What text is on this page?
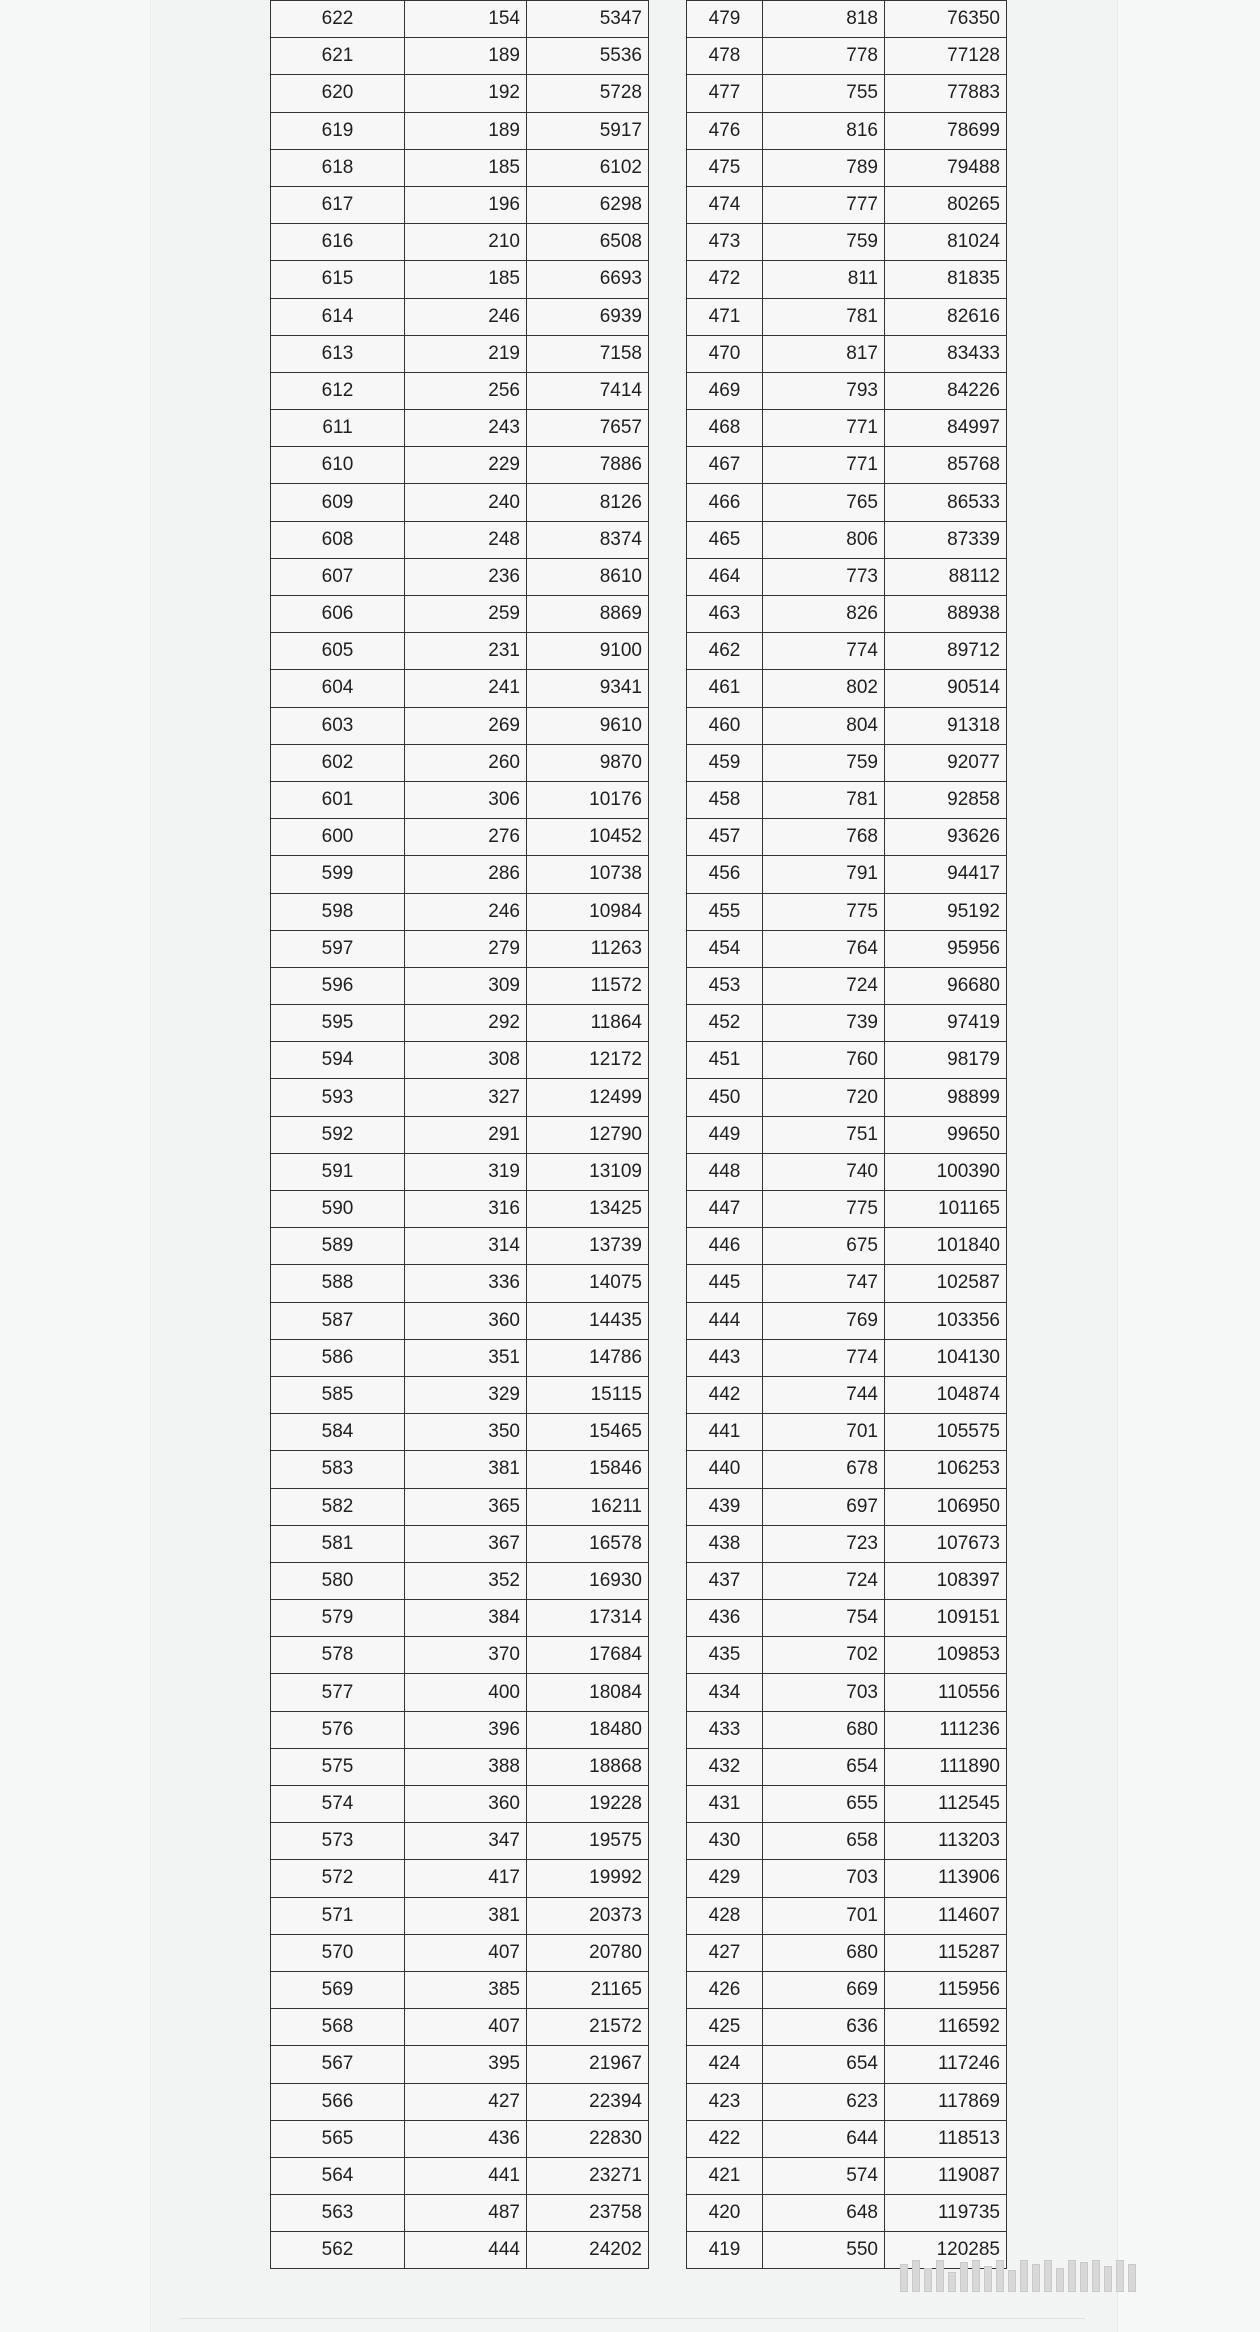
622	154	5347
621	189	5536
620	192	5728
619	189	5917
618	185	6102
617	196	6298
616	210	6508
615	185	6693
614	246	6939
613	219	7158
612	256	7414
611	243	7657
610	229	7886
609	240	8126
608	248	8374
607	236	8610
606	259	8869
605	231	9100
604	241	9341
603	269	9610
602	260	9870
601	306	10176
600	276	10452
599	286	10738
598	246	10984
597	279	11263
596	309	11572
595	292	11864
594	308	12172
593	327	12499
592	291	12790
591	319	13109
590	316	13425
589	314	13739
588	336	14075
587	360	14435
586	351	14786
585	329	15115
584	350	15465
583	381	15846
582	365	16211
581	367	16578
580	352	16930
579	384	17314
578	370	17684
577	400	18084
576	396	18480
575	388	18868
574	360	19228
573	347	19575
572	417	19992
571	381	20373
570	407	20780
569	385	21165
568	407	21572
567	395	21967
566	427	22394
565	436	22830
564	441	23271
563	487	23758
562	444	24202
479	818	76350
478	778	77128
477	755	77883
476	816	78699
475	789	79488
474	777	80265
473	759	81024
472	811	81835
471	781	82616
470	817	83433
469	793	84226
468	771	84997
467	771	85768
466	765	86533
465	806	87339
464	773	88112
463	826	88938
462	774	89712
461	802	90514
460	804	91318
459	759	92077
458	781	92858
457	768	93626
456	791	94417
455	775	95192
454	764	95956
453	724	96680
452	739	97419
451	760	98179
450	720	98899
449	751	99650
448	740	100390
447	775	101165
446	675	101840
445	747	102587
444	769	103356
443	774	104130
442	744	104874
441	701	105575
440	678	106253
439	697	106950
438	723	107673
437	724	108397
436	754	109151
435	702	109853
434	703	110556
433	680	111236
432	654	111890
431	655	112545
430	658	113203
429	703	113906
428	701	114607
427	680	115287
426	669	115956
425	636	116592
424	654	117246
423	623	117869
422	644	118513
421	574	119087
420	648	119735
419	550	120285
